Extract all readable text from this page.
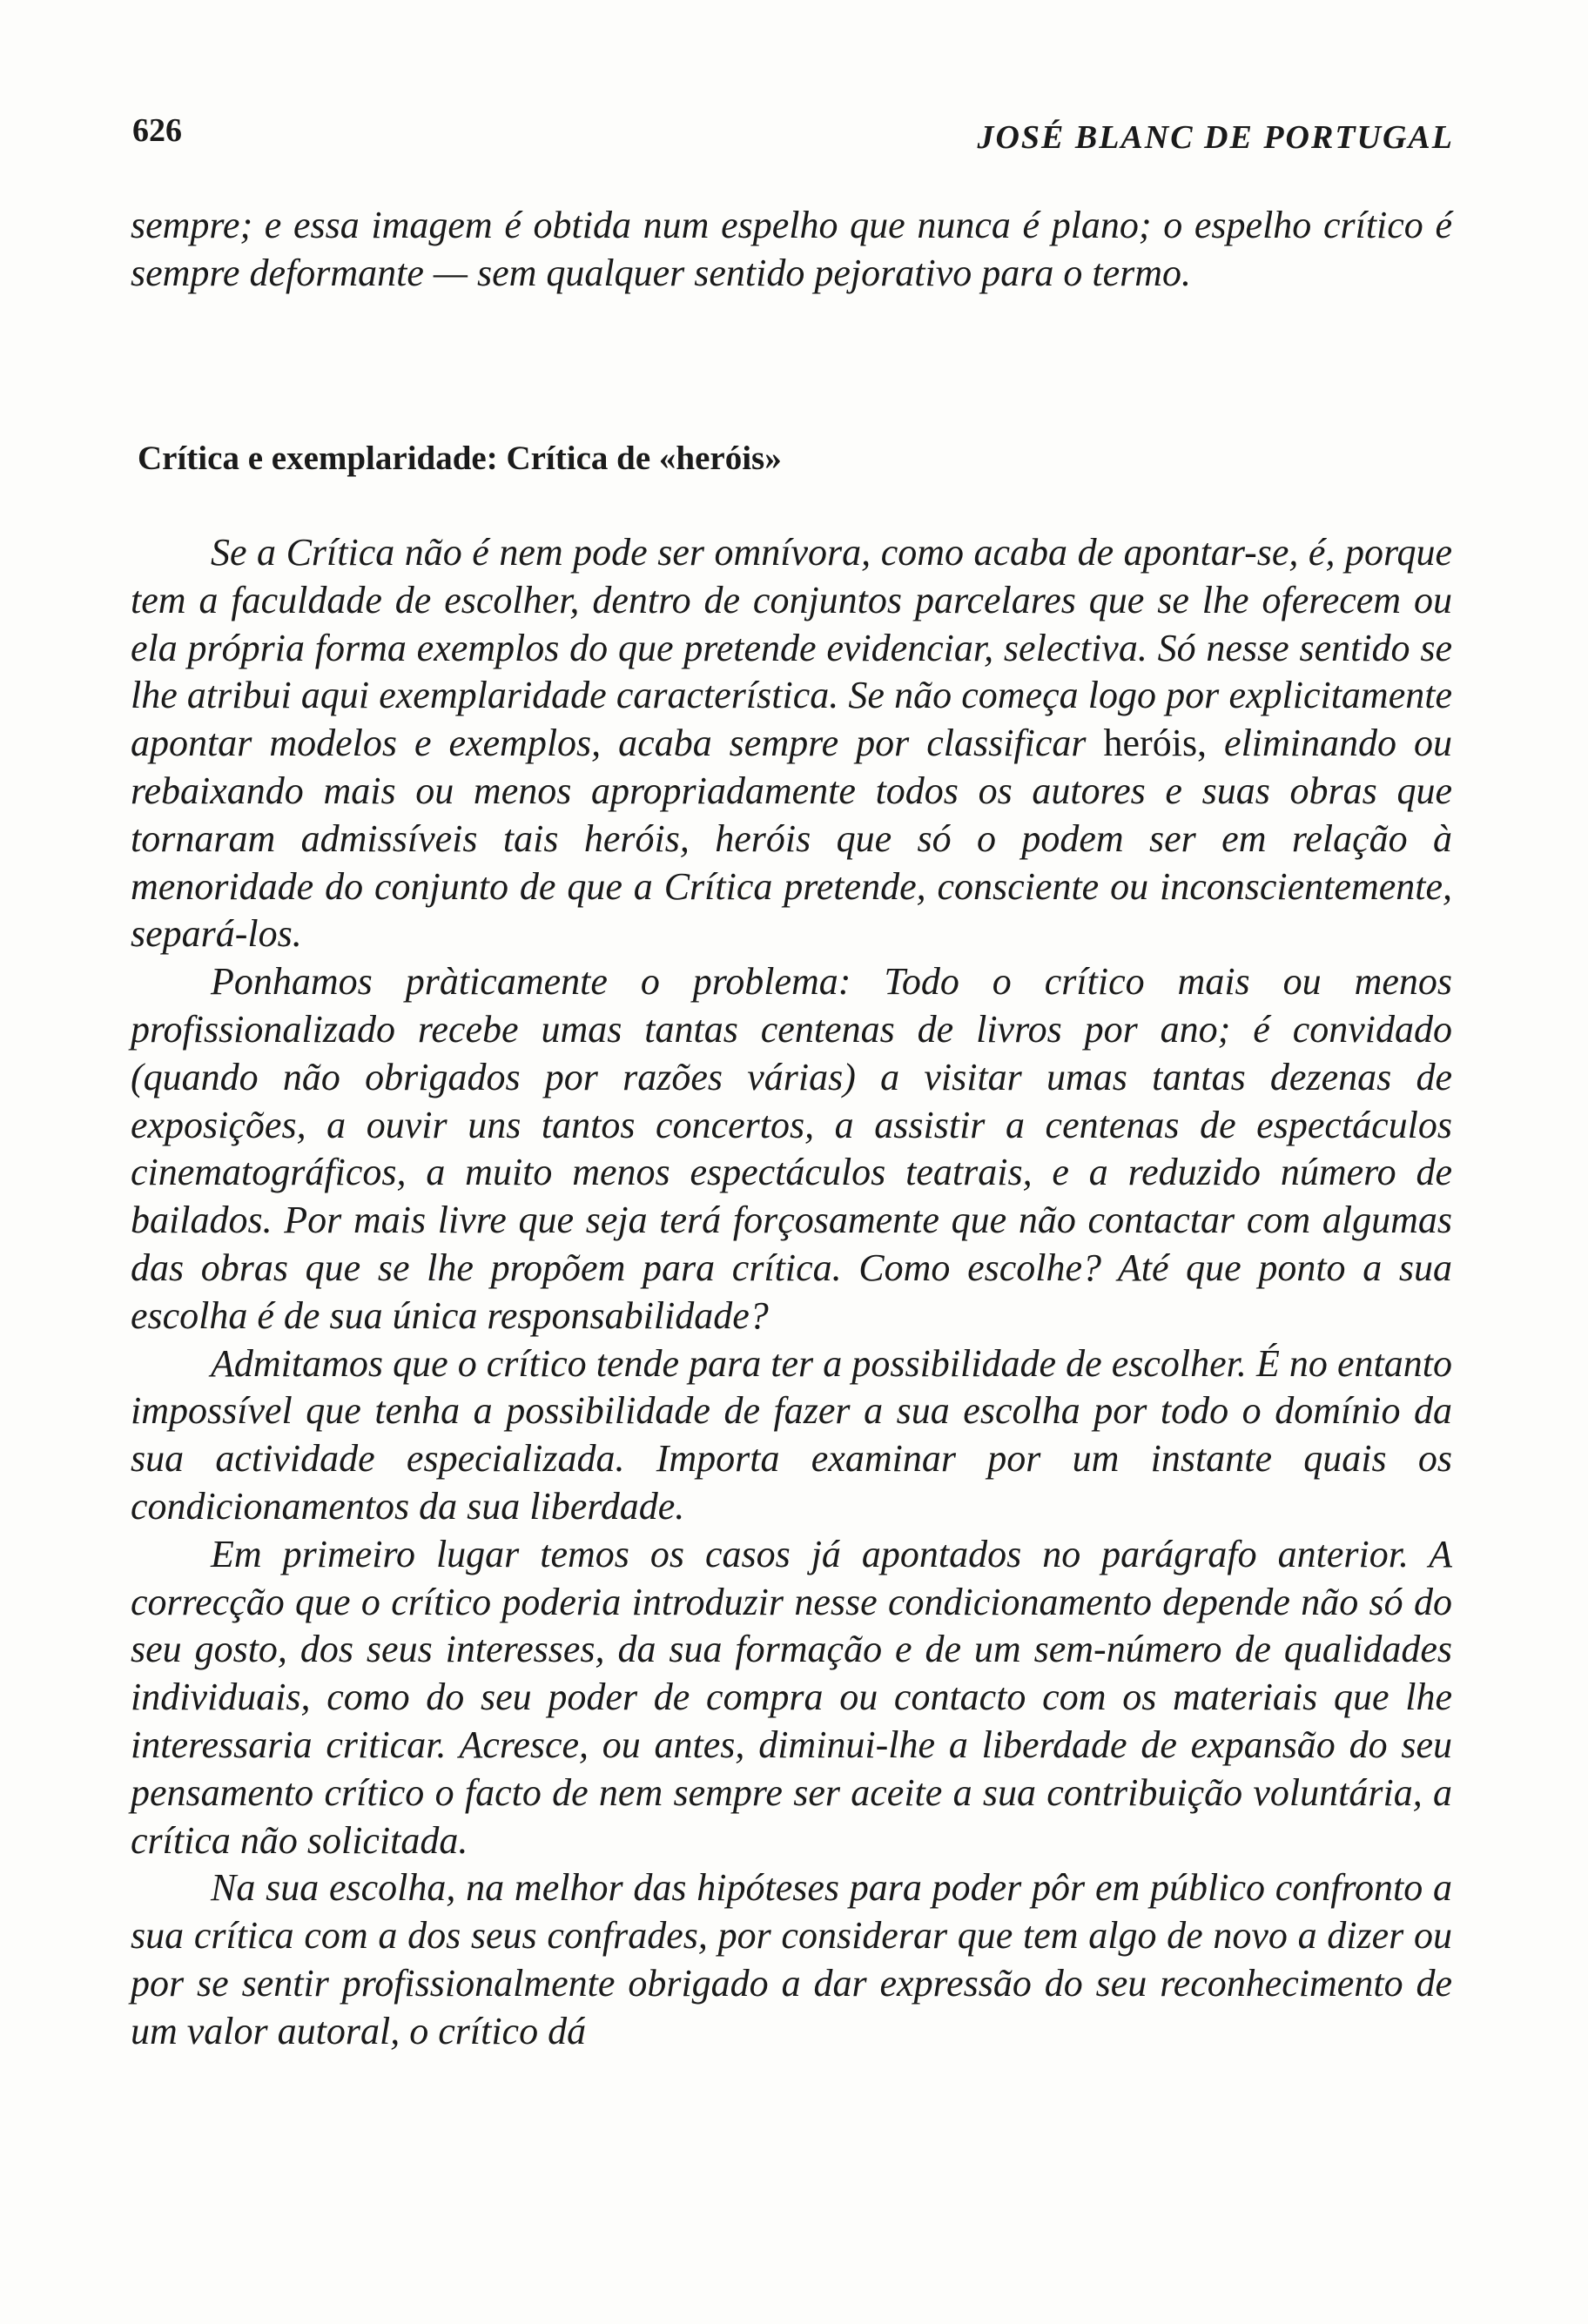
626	JOSÉ BLANC DE PORTUGAL

sempre; e essa imagem é obtida num espelho que nunca é plano; o espelho crítico é sempre deformante — sem qualquer sentido pejorativo para o termo.

Crítica e exemplaridade: Crítica de «heróis»

Se a Crítica não é nem pode ser omnívora, como acaba de apontar-se, é, porque tem a faculdade de escolher, dentro de conjuntos parcelares que se lhe oferecem ou ela própria forma exemplos do que pretende evidenciar, selectiva. Só nesse sentido se lhe atribui aqui exemplaridade característica. Se não começa logo por explicitamente apontar modelos e exemplos, acaba sempre por classificar heróis, eliminando ou rebaixando mais ou menos apropriadamente todos os autores e suas obras que tornaram admissíveis tais heróis, heróis que só o podem ser em relação à menoridade do conjunto de que a Crítica pretende, consciente ou inconscientemente, separá-los.

Ponhamos pràticamente o problema: Todo o crítico mais ou menos profissionalizado recebe umas tantas centenas de livros por ano; é convidado (quando não obrigados por razões várias) a visitar umas tantas dezenas de exposições, a ouvir uns tantos concertos, a assistir a centenas de espectáculos cinematográficos, a muito menos espectáculos teatrais, e a reduzido número de bailados. Por mais livre que seja terá forçosamente que não contactar com algumas das obras que se lhe propõem para crítica. Como escolhe? Até que ponto a sua escolha é de sua única responsabilidade?

Admitamos que o crítico tende para ter a possibilidade de escolher. É no entanto impossível que tenha a possibilidade de fazer a sua escolha por todo o domínio da sua actividade especializada. Importa examinar por um instante quais os condicionamentos da sua liberdade.

Em primeiro lugar temos os casos já apontados no parágrafo anterior. A correcção que o crítico poderia introduzir nesse condicionamento depende não só do seu gosto, dos seus interesses, da sua formação e de um sem-número de qualidades individuais, como do seu poder de compra ou contacto com os materiais que lhe interessaria criticar. Acresce, ou antes, diminui-lhe a liberdade de expansão do seu pensamento crítico o facto de nem sempre ser aceite a sua contribuição voluntária, a crítica não solicitada.

Na sua escolha, na melhor das hipóteses para poder pôr em público confronto a sua crítica com a dos seus confrades, por considerar que tem algo de novo a dizer ou por se sentir profissionalmente obrigado a dar expressão do seu reconhecimento de um valor autoral, o crítico dá
